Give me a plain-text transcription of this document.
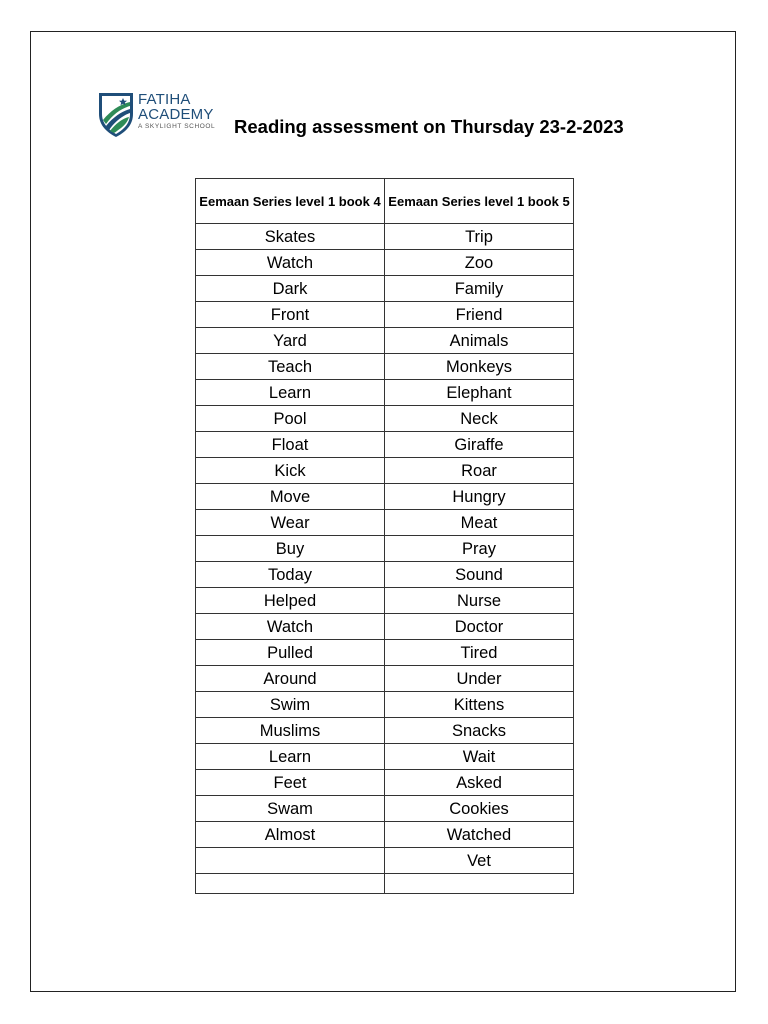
FATIHA
ACADEMY
A SKYLIGHT SCHOOL Reading assessment on Thursday 23-2-2023
Eemaan Series level 1 book 4	Eemaan Series level 1 book 5
Skates	Trip
Watch	Zoo
Dark	Family
Front	Friend
Yard	Animals
Teach	Monkeys
Learn	Elephant
Pool	Neck
Float	Giraffe
Kick	Roar
Move	Hungry
Wear	Meat
Buy	Pray
Today	Sound
Helped	Nurse
Watch	Doctor
Pulled	Tired
Around	Under
Swim	Kittens
Muslims	Snacks
Learn	Wait
Feet	Asked
Swam	Cookies
Almost	Watched
	Vet
